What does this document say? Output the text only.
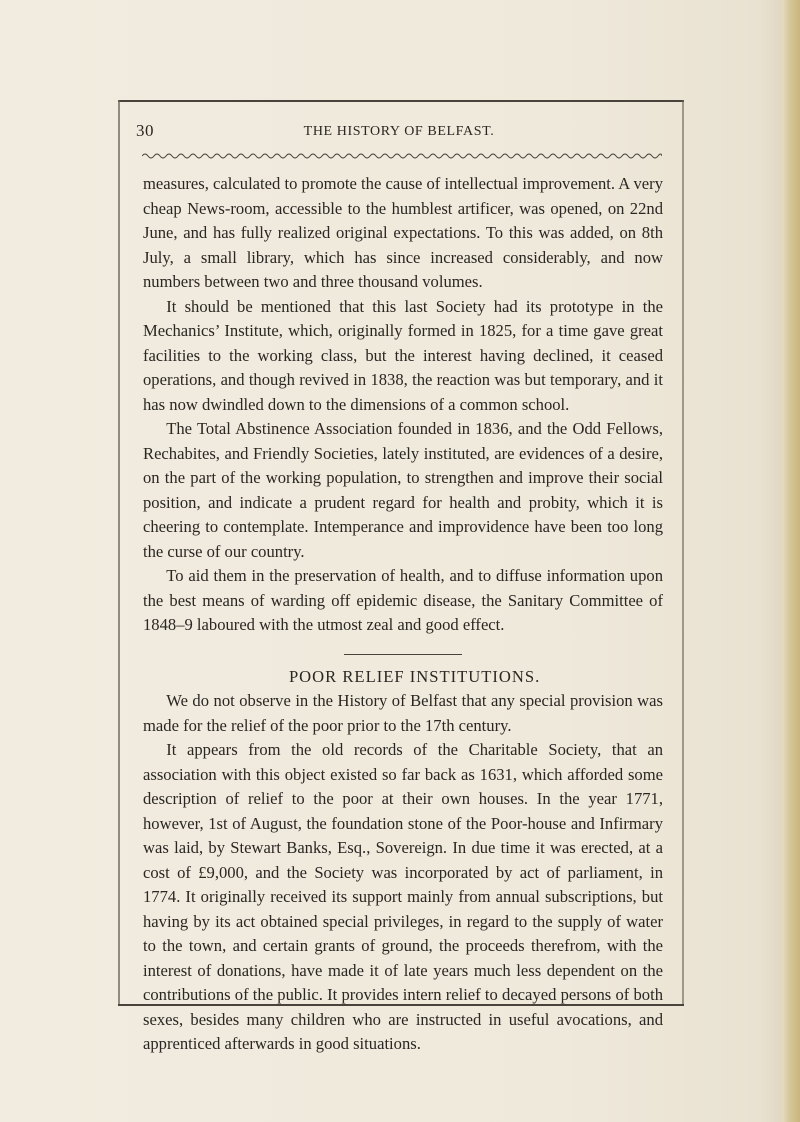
30	THE HISTORY OF BELFAST.

measures, calculated to promote the cause of intellectual improvement. A very cheap News-room, accessible to the humblest artificer, was opened, on 22nd June, and has fully realized original expectations. To this was added, on 8th July, a small library, which has since increased considerably, and now numbers between two and three thousand volumes.

It should be mentioned that this last Society had its prototype in the Mechanics’ Institute, which, originally formed in 1825, for a time gave great facilities to the working class, but the interest having declined, it ceased operations, and though revived in 1838, the reaction was but temporary, and it has now dwindled down to the dimensions of a common school.

The Total Abstinence Association founded in 1836, and the Odd Fellows, Rechabites, and Friendly Societies, lately instituted, are evidences of a desire, on the part of the working population, to strengthen and improve their social position, and indicate a prudent regard for health and probity, which it is cheering to contemplate. Intemperance and improvidence have been too long the curse of our country.

To aid them in the preservation of health, and to diffuse information upon the best means of warding off epidemic disease, the Sanitary Committee of 1848–9 laboured with the utmost zeal and good effect.

POOR RELIEF INSTITUTIONS.

We do not observe in the History of Belfast that any special provision was made for the relief of the poor prior to the 17th century.

It appears from the old records of the Charitable Society, that an association with this object existed so far back as 1631, which afforded some description of relief to the poor at their own houses. In the year 1771, however, 1st of August, the foundation stone of the Poor-house and Infirmary was laid, by Stewart Banks, Esq., Sovereign. In due time it was erected, at a cost of £9,000, and the Society was incorporated by act of parliament, in 1774. It originally received its support mainly from annual subscriptions, but having by its act obtained special privileges, in regard to the supply of water to the town, and certain grants of ground, the proceeds therefrom, with the interest of donations, have made it of late years much less dependent on the contributions of the public. It provides intern relief to decayed persons of both sexes, besides many children who are instructed in useful avocations, and apprenticed afterwards in good situations.
